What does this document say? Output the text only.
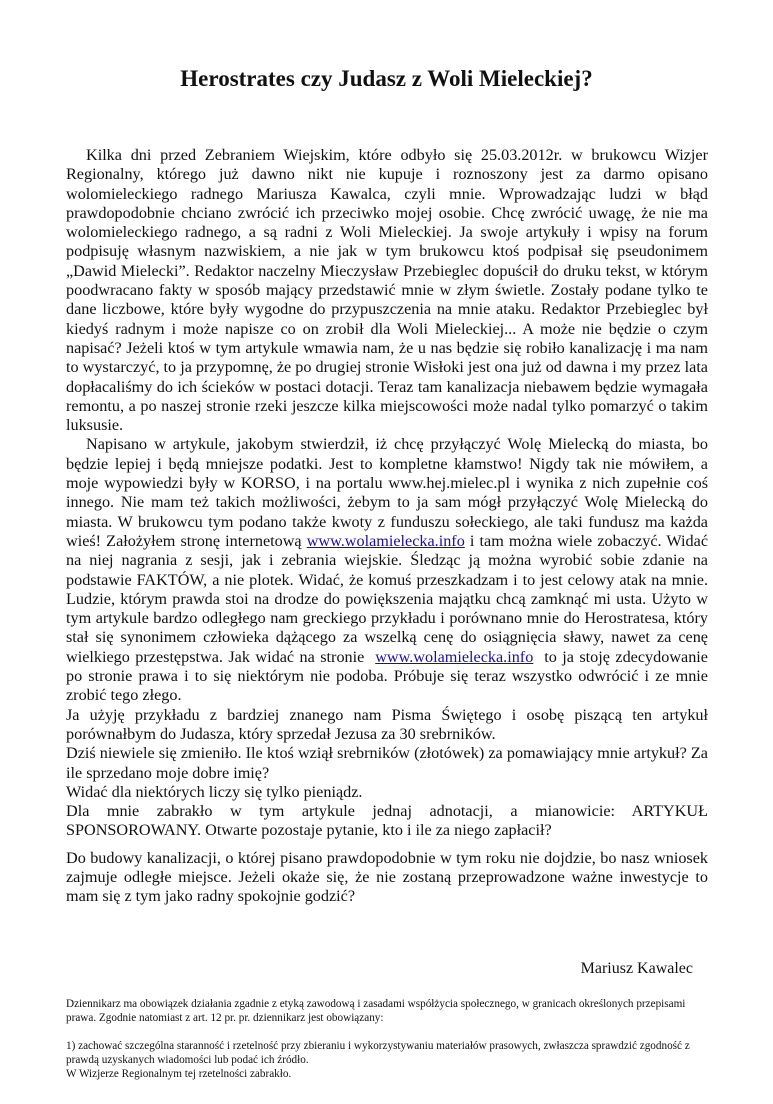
Herostrates czy Judasz z Woli Mieleckiej?

Kilka dni przed Zebraniem Wiejskim, które odbyło się 25.03.2012r. w brukowcu Wizjer Regionalny, którego już dawno nikt nie kupuje i roznoszony jest za darmo opisano wolomieleckiego radnego Mariusza Kawalca, czyli mnie. Wprowadzając ludzi w błąd prawdopodobnie chciano zwrócić ich przeciwko mojej osobie. Chcę zwrócić uwagę, że nie ma wolomieleckiego radnego, a są radni z Woli Mieleckiej. Ja swoje artykuły i wpisy na forum podpisuję własnym nazwiskiem, a nie jak w tym brukowcu ktoś podpisał się pseudonimem „Dawid Mielecki”. Redaktor naczelny Mieczysław Przebieglec dopuścił do druku tekst, w którym poodwracano fakty w sposób mający przedstawić mnie w złym świetle. Zostały podane tylko te dane liczbowe, które były wygodne do przypuszczenia na mnie ataku. Redaktor Przebieglec był kiedyś radnym i może napisze co on zrobił dla Woli Mieleckiej... A może nie będzie o czym napisać? Jeżeli ktoś w tym artykule wmawia nam, że u nas będzie się robiło kanalizację i ma nam to wystarczyć, to ja przypomnę, że po drugiej stronie Wisłoki jest ona już od dawna i my przez lata dopłacaliśmy do ich ścieków w postaci dotacji. Teraz tam kanalizacja niebawem będzie wymagała remontu, a po naszej stronie rzeki jeszcze kilka miejscowości może nadal tylko pomarzyć o takim luksusie.

Napisano w artykule, jakobym stwierdził, iż chcę przyłączyć Wolę Mielecką do miasta, bo będzie lepiej i będą mniejsze podatki. Jest to kompletne kłamstwo! Nigdy tak nie mówiłem, a moje wypowiedzi były w KORSO, i na portalu www.hej.mielec.pl i wynika z nich zupełnie coś innego. Nie mam też takich możliwości, żebym to ja sam mógł przyłączyć Wolę Mielecką do miasta. W brukowcu tym podano także kwoty z funduszu sołeckiego, ale taki fundusz ma każda wieś! Założyłem stronę internetową www.wolamielecka.info i tam można wiele zobaczyć. Widać na niej nagrania z sesji, jak i zebrania wiejskie. Śledząc ją można wyrobić sobie zdanie na podstawie FAKTÓW, a nie plotek. Widać, że komuś przeszkadzam i to jest celowy atak na mnie. Ludzie, którym prawda stoi na drodze do powiększenia majątku chcą zamknąć mi usta. Użyto w tym artykule bardzo odległego nam greckiego przykładu i porównano mnie do Herostratesa, który stał się synonimem człowieka dążącego za wszelką cenę do osiągnięcia sławy, nawet za cenę wielkiego przestępstwa. Jak widać na stronie www.wolamielecka.info to ja stoję zdecydowanie po stronie prawa i to się niektórym nie podoba. Próbuje się teraz wszystko odwrócić i ze mnie zrobić tego złego.

Ja użyję przykładu z bardziej znanego nam Pisma Świętego i osobę piszącą ten artykuł porównałbym do Judasza, który sprzedał Jezusa za 30 srebrników.

Dziś niewiele się zmieniło. Ile ktoś wziął srebrników (złotówek) za pomawiający mnie artykuł? Za ile sprzedano moje dobre imię?

Widać dla niektórych liczy się tylko pieniądz.

Dla mnie zabrakło w tym artykule jednaj adnotacji, a mianowicie: ARTYKUŁ SPONSOROWANY. Otwarte pozostaje pytanie, kto i ile za niego zapłacił?

Do budowy kanalizacji, o której pisano prawdopodobnie w tym roku nie dojdzie, bo nasz wniosek zajmuje odległe miejsce. Jeżeli okaże się, że nie zostaną przeprowadzone ważne inwestycje to mam się z tym jako radny spokojnie godzić?

Mariusz Kawalec

Dziennikarz ma obowiązek działania zgadnie z etyką zawodową i zasadami współżycia społecznego, w granicach określonych przepisami prawa. Zgodnie natomiast z art. 12 pr. pr. dziennikarz jest obowiązany:

1) zachować szczególna staranność i rzetelność przy zbieraniu i wykorzystywaniu materiałów prasowych, zwłaszcza sprawdzić zgodność z prawdą uzyskanych wiadomości lub podać ich źródło.

W Wizjerze Regionalnym tej rzetelności zabrakło.
